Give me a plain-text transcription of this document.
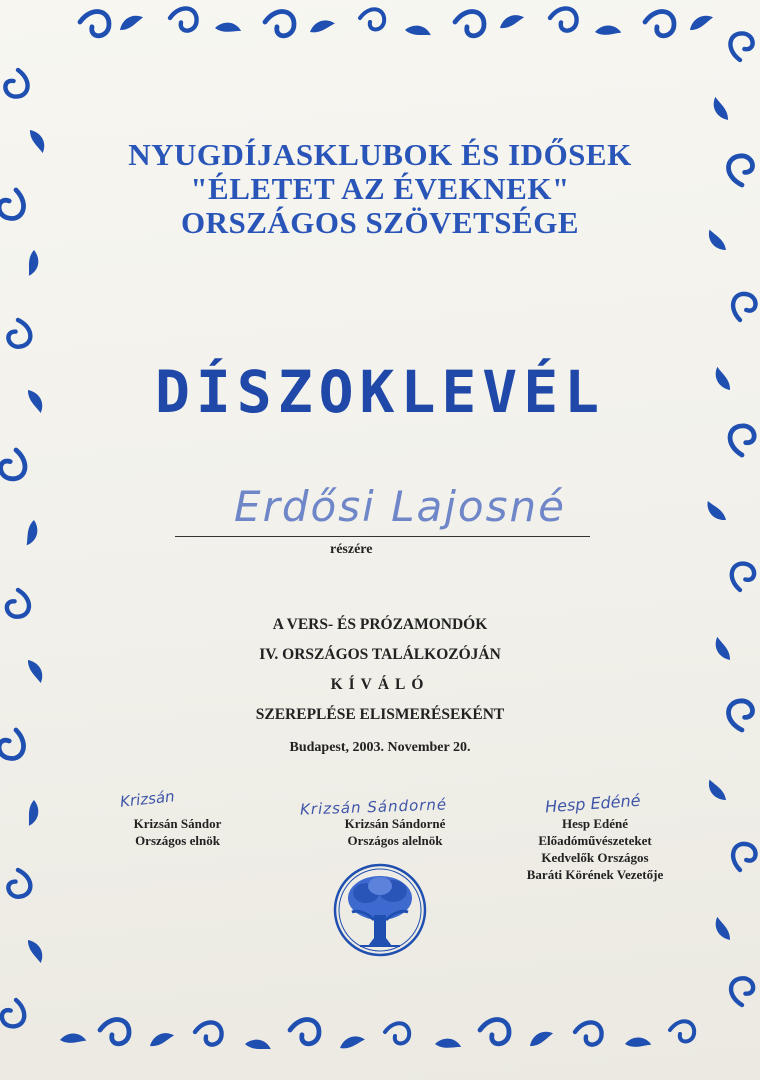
NYUGDÍJASKLUBOK ÉS IDŐSEK
"ÉLETET AZ ÉVEKNEK"
ORSZÁGOS SZÖVETSÉGE
DÍSZOKLEVÉL
Erdősi Lajosné
részére
A VERS- ÉS PRÓZAMONDÓK
IV. ORSZÁGOS TALÁLKOZÓJÁN
KÍVÁLÓ
SZEREPLÉSE ELISMERÉSEKÉNT
Budapest, 2003. November 20.
Krizsán
Krizsán Sándor
Országos elnök
Krizsán Sándorné
Krizsán Sándorné
Országos alelnök
Hesp Edéné
Hesp Edéné
Előadóművészeteket
Kedvelők Országos
Baráti Körének Vezetője
